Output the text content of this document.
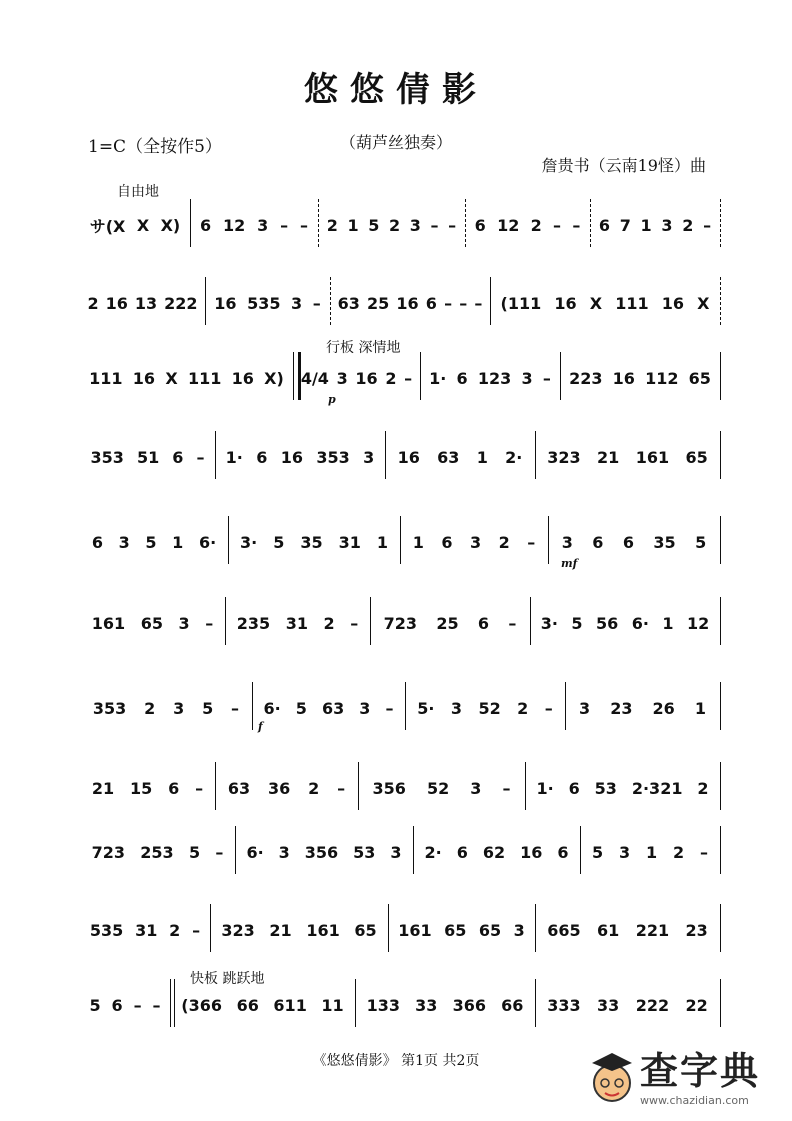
悠悠倩影
1=C（全按作5）	（葫芦丝独奏）
詹贵书（云南19怪）曲
自由地
行板 深情地
快板 跳跃地
p
mf
f
サ(X X X) 6 12 3 – – 2 1 5 2 3 – – 6 12 2 – – 6 7 1 3 2 –
2 16 13 222 16 535 3 – 63 25 16 6 – – – (111 16 X 111 16 X
111 16 X 111 16 X) 4/4 3 16 2 – 1· 6 123 3 – 223 16 112 65
353 51 6 – 1· 6 16 353 3 16 63 1 2· 323 21 161 65
6 3 5 1 6· 3· 5 35 31 1 1 6 3 2 – 3 6 6 35 5
161 65 3 – 235 31 2 – 723 25 6 – 3· 5 56 6· 1 12
353 2 3 5 – 6· 5 63 3 – 5· 3 52 2 – 3 23 26 1
21 15 6 – 63 36 2 – 356 52 3 – 1· 6 53 2·321 2
723 253 5 – 6· 3 356 53 3 2· 6 62 16 6 5 3 1 2 –
535 31 2 – 323 21 161 65 161 65 65 3 665 61 221 23
5 6 – – (366 66 611 11 133 33 366 66 333 33 222 22
《悠悠倩影》 第1页 共2页	查字典
www.chazidian.com
